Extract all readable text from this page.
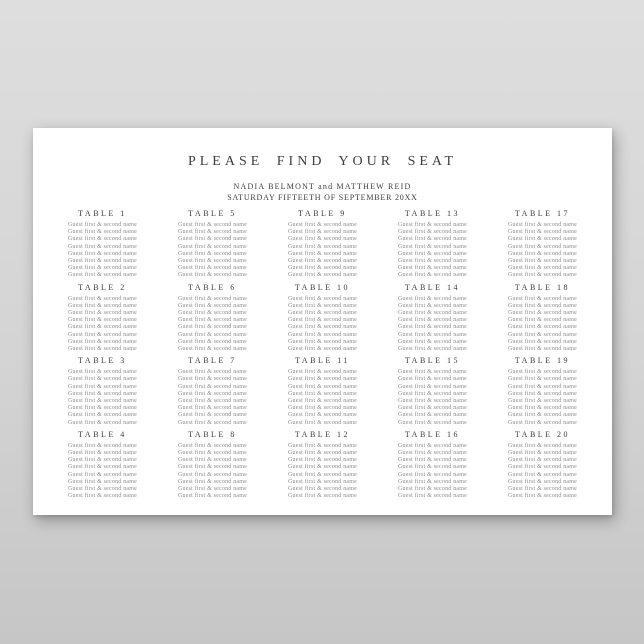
PLEASE FIND YOUR SEAT
NADIA BELMONT and MATTHEW REID
SATURDAY FIFTEETH OF SEPTEMBER 20XX
TABLE 1
Guest first & second name
Guest first & second name
Guest first & second name
Guest first & second name
Guest first & second name
Guest first & second name
Guest first & second name
Guest first & second name
TABLE 5
Guest first & second name
Guest first & second name
Guest first & second name
Guest first & second name
Guest first & second name
Guest first & second name
Guest first & second name
Guest first & second name
TABLE 9
Guest first & second name
Guest first & second name
Guest first & second name
Guest first & second name
Guest first & second name
Guest first & second name
Guest first & second name
Guest first & second name
TABLE 13
Guest first & second name
Guest first & second name
Guest first & second name
Guest first & second name
Guest first & second name
Guest first & second name
Guest first & second name
Guest first & second name
TABLE 17
Guest first & second name
Guest first & second name
Guest first & second name
Guest first & second name
Guest first & second name
Guest first & second name
Guest first & second name
Guest first & second name
TABLE 2
Guest first & second name
Guest first & second name
Guest first & second name
Guest first & second name
Guest first & second name
Guest first & second name
Guest first & second name
Guest first & second name
TABLE 6
Guest first & second name
Guest first & second name
Guest first & second name
Guest first & second name
Guest first & second name
Guest first & second name
Guest first & second name
Guest first & second name
TABLE 10
Guest first & second name
Guest first & second name
Guest first & second name
Guest first & second name
Guest first & second name
Guest first & second name
Guest first & second name
Guest first & second name
TABLE 14
Guest first & second name
Guest first & second name
Guest first & second name
Guest first & second name
Guest first & second name
Guest first & second name
Guest first & second name
Guest first & second name
TABLE 18
Guest first & second name
Guest first & second name
Guest first & second name
Guest first & second name
Guest first & second name
Guest first & second name
Guest first & second name
Guest first & second name
TABLE 3
Guest first & second name
Guest first & second name
Guest first & second name
Guest first & second name
Guest first & second name
Guest first & second name
Guest first & second name
Guest first & second name
TABLE 7
Guest first & second name
Guest first & second name
Guest first & second name
Guest first & second name
Guest first & second name
Guest first & second name
Guest first & second name
Guest first & second name
TABLE 11
Guest first & second name
Guest first & second name
Guest first & second name
Guest first & second name
Guest first & second name
Guest first & second name
Guest first & second name
Guest first & second name
TABLE 15
Guest first & second name
Guest first & second name
Guest first & second name
Guest first & second name
Guest first & second name
Guest first & second name
Guest first & second name
Guest first & second name
TABLE 19
Guest first & second name
Guest first & second name
Guest first & second name
Guest first & second name
Guest first & second name
Guest first & second name
Guest first & second name
Guest first & second name
TABLE 4
Guest first & second name
Guest first & second name
Guest first & second name
Guest first & second name
Guest first & second name
Guest first & second name
Guest first & second name
Guest first & second name
TABLE 8
Guest first & second name
Guest first & second name
Guest first & second name
Guest first & second name
Guest first & second name
Guest first & second name
Guest first & second name
Guest first & second name
TABLE 12
Guest first & second name
Guest first & second name
Guest first & second name
Guest first & second name
Guest first & second name
Guest first & second name
Guest first & second name
Guest first & second name
TABLE 16
Guest first & second name
Guest first & second name
Guest first & second name
Guest first & second name
Guest first & second name
Guest first & second name
Guest first & second name
Guest first & second name
TABLE 20
Guest first & second name
Guest first & second name
Guest first & second name
Guest first & second name
Guest first & second name
Guest first & second name
Guest first & second name
Guest first & second name
